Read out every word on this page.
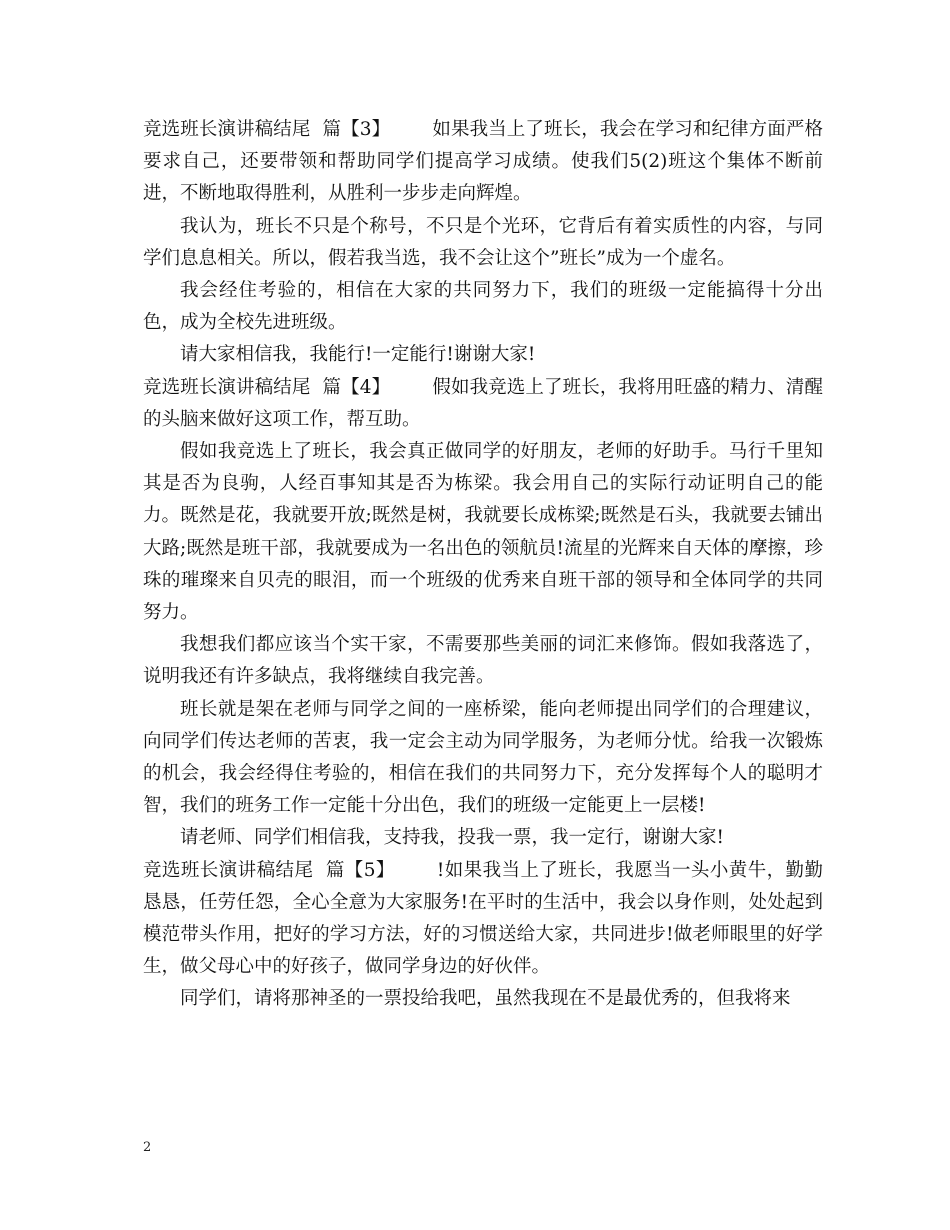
竞选班长演讲稿结尾 篇【3】 如果我当上了班长，我会在学习和纪律方面严格要求自己，还要带领和帮助同学们提高学习成绩。使我们5(2)班这个集体不断前进，不断地取得胜利，从胜利一步步走向辉煌。

我认为，班长不只是个称号，不只是个光环，它背后有着实质性的内容，与同学们息息相关。所以，假若我当选，我不会让这个”班长”成为一个虚名。

我会经住考验的，相信在大家的共同努力下，我们的班级一定能搞得十分出色，成为全校先进班级。

请大家相信我，我能行!一定能行!谢谢大家!

竞选班长演讲稿结尾 篇【4】 假如我竞选上了班长，我将用旺盛的精力、清醒的头脑来做好这项工作，帮互助。

假如我竞选上了班长，我会真正做同学的好朋友，老师的好助手。马行千里知其是否为良驹，人经百事知其是否为栋梁。我会用自己的实际行动证明自己的能力。既然是花，我就要开放;既然是树，我就要长成栋梁;既然是石头，我就要去铺出大路;既然是班干部，我就要成为一名出色的领航员!流星的光辉来自天体的摩擦，珍珠的璀璨来自贝壳的眼泪，而一个班级的优秀来自班干部的领导和全体同学的共同努力。

我想我们都应该当个实干家，不需要那些美丽的词汇来修饰。假如我落选了，说明我还有许多缺点，我将继续自我完善。

班长就是架在老师与同学之间的一座桥梁，能向老师提出同学们的合理建议，向同学们传达老师的苦衷，我一定会主动为同学服务，为老师分忧。给我一次锻炼的机会，我会经得住考验的，相信在我们的共同努力下，充分发挥每个人的聪明才智，我们的班务工作一定能十分出色，我们的班级一定能更上一层楼!

请老师、同学们相信我，支持我，投我一票，我一定行，谢谢大家!

竞选班长演讲稿结尾 篇【5】 !如果我当上了班长，我愿当一头小黄牛，勤勤恳恳，任劳任怨，全心全意为大家服务!在平时的生活中，我会以身作则，处处起到模范带头作用，把好的学习方法，好的习惯送给大家，共同进步!做老师眼里的好学生，做父母心中的好孩子，做同学身边的好伙伴。

同学们，请将那神圣的一票投给我吧，虽然我现在不是最优秀的，但我将来

2
